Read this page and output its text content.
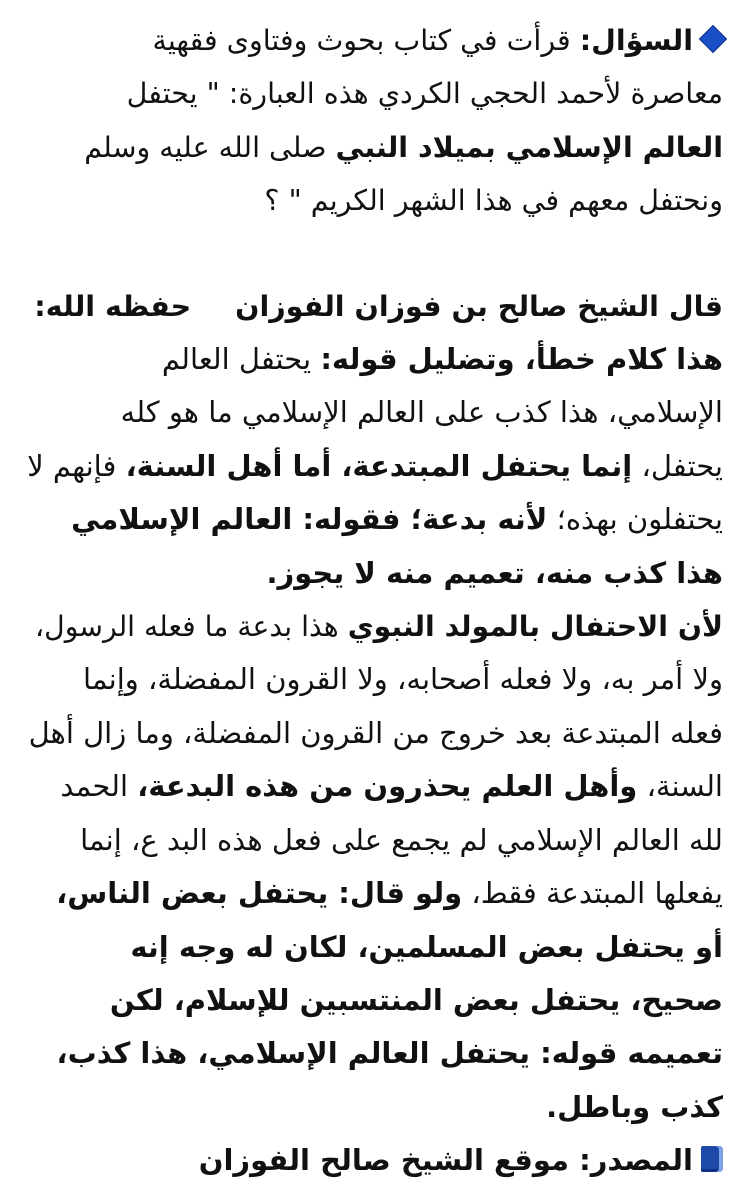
السؤال: قرأت في كتاب بحوث وفتاوى فقهية
معاصرة لأحمد الحجي الكردي هذه العبارة: " يحتفل
العالم الإسلامي بميلاد النبي صلى الله عليه وسلم
ونحتفل معهم في هذا الشهر الكريم " ؟
قال الشيخ صالح بن فوزان الفوزانحفظه الله:
هذا كلام خطأ، وتضليل قوله: يحتفل العالم
الإسلامي، هذا كذب على العالم الإسلامي ما هو كله
يحتفل، إنما يحتفل المبتدعة، أما أهل السنة، فإنهم لا
يحتفلون بهذه؛ لأنه بدعة؛ فقوله: العالم الإسلامي
هذا كذب منه، تعميم منه لا يجوز.
لأن الاحتفال بالمولد النبوي هذا بدعة ما فعله الرسول،
ولا أمر به، ولا فعله أصحابه، ولا القرون المفضلة، وإنما
فعله المبتدعة بعد خروج من القرون المفضلة، وما زال أهل
السنة، وأهل العلم يحذرون من هذه البدعة، الحمد
لله العالم الإسلامي لم يجمع على فعل هذه البد ع، إنما
يفعلها المبتدعة فقط، ولو قال: يحتفل بعض الناس،
أو يحتفل بعض المسلمين، لكان له وجه إنه
صحيح، يحتفل بعض المنتسبين للإسلام، لكن
تعميمه قوله: يحتفل العالم الإسلامي، هذا كذب،
كذب وباطل.
المصدر: موقع الشيخ صالح الفوزان
